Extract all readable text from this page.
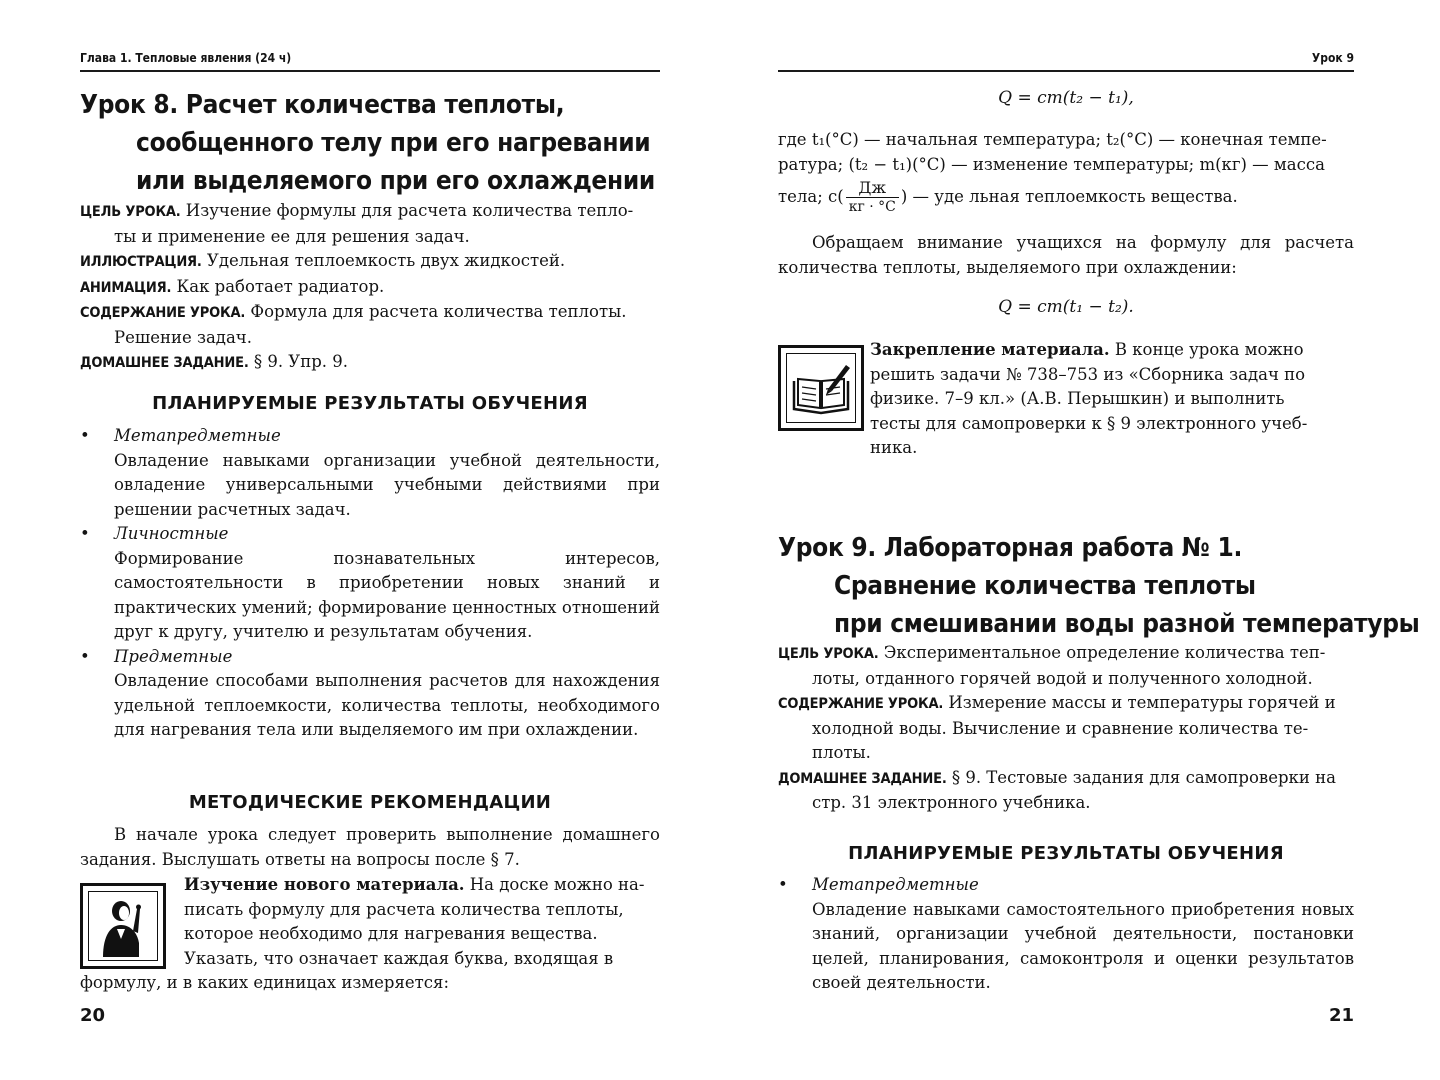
Глава 1. Тепловые явления (24 ч)
Урок 8. Расчет количества теплоты,
сообщенного телу при его нагревании
или выделяемого при его охлаждении
ЦЕЛЬ УРОКА. Изучение формулы для расчета количества тепло-
ты и применение ее для решения задач.
ИЛЛЮСТРАЦИЯ. Удельная теплоемкость двух жидкостей.
АНИМАЦИЯ. Как работает радиатор.
СОДЕРЖАНИЕ УРОКА. Формула для расчета количества теплоты.
Решение задач.
ДОМАШНЕЕ ЗАДАНИЕ. § 9. Упр. 9.
ПЛАНИРУЕМЫЕ РЕЗУЛЬТАТЫ ОБУЧЕНИЯ
•	Метапредметные
Овладение навыками организации учебной деятельности, овладение универсальными учебными действиями при решении расчетных задач.
•	Личностные
Формирование познавательных интересов, самостоятельности в приобретении новых знаний и практических умений; формирование ценностных отношений друг к другу, учителю и результатам обучения.
•	Предметные
Овладение способами выполнения расчетов для нахождения удельной теплоемкости, количества теплоты, необходимого для нагревания тела или выделяемого им при охлаждении.
МЕТОДИЧЕСКИЕ РЕКОМЕНДАЦИИ
В начале урока следует проверить выполнение домашнего задания. Выслушать ответы на вопросы после § 7.
Изучение нового материала. На доске можно на-
писать формулу для расчета количества теплоты,
которое необходимо для нагревания вещества.
Указать, что означает каждая буква, входящая в
формулу, и в каких единицах измеряется:
20
Урок 9
Q = cm(t₂ − t₁),
где t₁(°С) — начальная температура; t₂(°С) — конечная темпе-
ратура; (t₂ − t₁)(°С) — изменение температуры; m(кг) — масса
тела; $c( \frac{Дж}{кг \cdot ^\circ С}$ ) — уде льная теплоемкость вещества.
Обращаем внимание учащихся на формулу для расчета количества теплоты, выделяемого при охлаждении:
Q = cm(t₁ − t₂).
Закрепление материала. В конце урока можно
решить задачи № 738–753 из «Сборника задач по
физике. 7–9 кл.» (А.В. Перышкин) и выполнить
тесты для самопроверки к § 9 электронного учеб-
ника.
Урок 9. Лабораторная работа № 1.
Сравнение количества теплоты
при смешивании воды разной температуры
ЦЕЛЬ УРОКА. Экспериментальное определение количества теп-
лоты, отданного горячей водой и полученного холодной.
СОДЕРЖАНИЕ УРОКА. Измерение массы и температуры горячей и
холодной воды. Вычисление и сравнение количества те-
плоты.
ДОМАШНЕЕ ЗАДАНИЕ. § 9. Тестовые задания для самопроверки на
стр. 31 электронного учебника.
ПЛАНИРУЕМЫЕ РЕЗУЛЬТАТЫ ОБУЧЕНИЯ
•	Метапредметные
Овладение навыками самостоятельного приобретения новых знаний, организации учебной деятельности, постановки целей, планирования, самоконтроля и оценки результатов своей деятельности.
21
